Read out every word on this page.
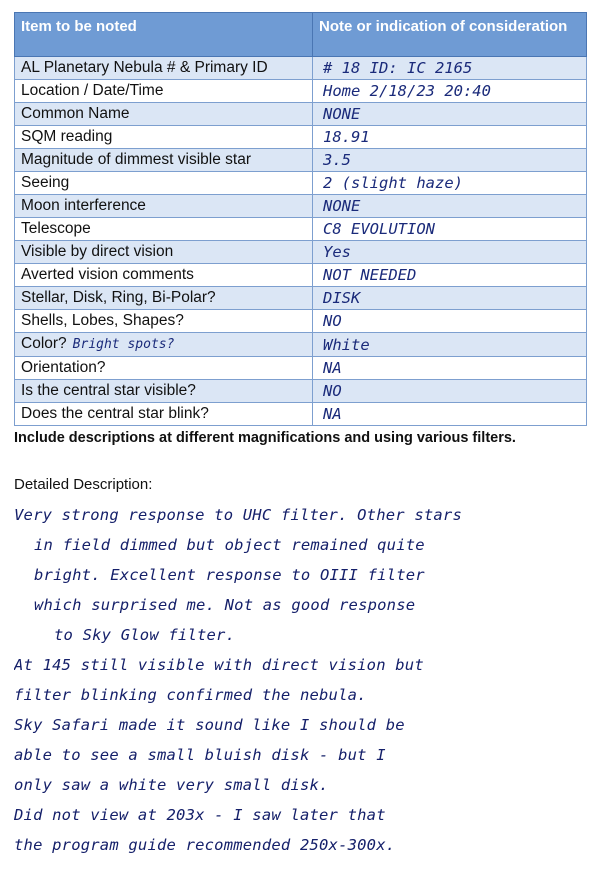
Item to be noted	Note or indication of consideration
AL Planetary Nebula # & Primary ID	# 18 ID: IC 2165
Location / Date/Time	Home 2/18/23 20:40
Common Name	NONE
SQM reading	18.91
Magnitude of dimmest visible star	3.5
Seeing	2 (slight haze)
Moon interference	NONE
Telescope	C8 EVOLUTION
Visible by direct vision	Yes
Averted vision comments	NOT NEEDED
Stellar, Disk, Ring, Bi-Polar?	DISK
Shells, Lobes, Shapes?	NO
Color? Bright spots?	White
Orientation?	NA
Is the central star visible?	NO
Does the central star blink?	NA
Include descriptions at different magnifications and using various filters.
Detailed Description:
Very strong response to UHC filter. Other stars
in field dimmed but object remained quite
bright. Excellent response to OIII filter
which surprised me. Not as good response
to Sky Glow filter.
At 145 still visible with direct vision but
filter blinking confirmed the nebula.
Sky Safari made it sound like I should be
able to see a small bluish disk - but I
only saw a white very small disk.
Did not view at 203x - I saw later that
the program guide recommended 250x-300x.
